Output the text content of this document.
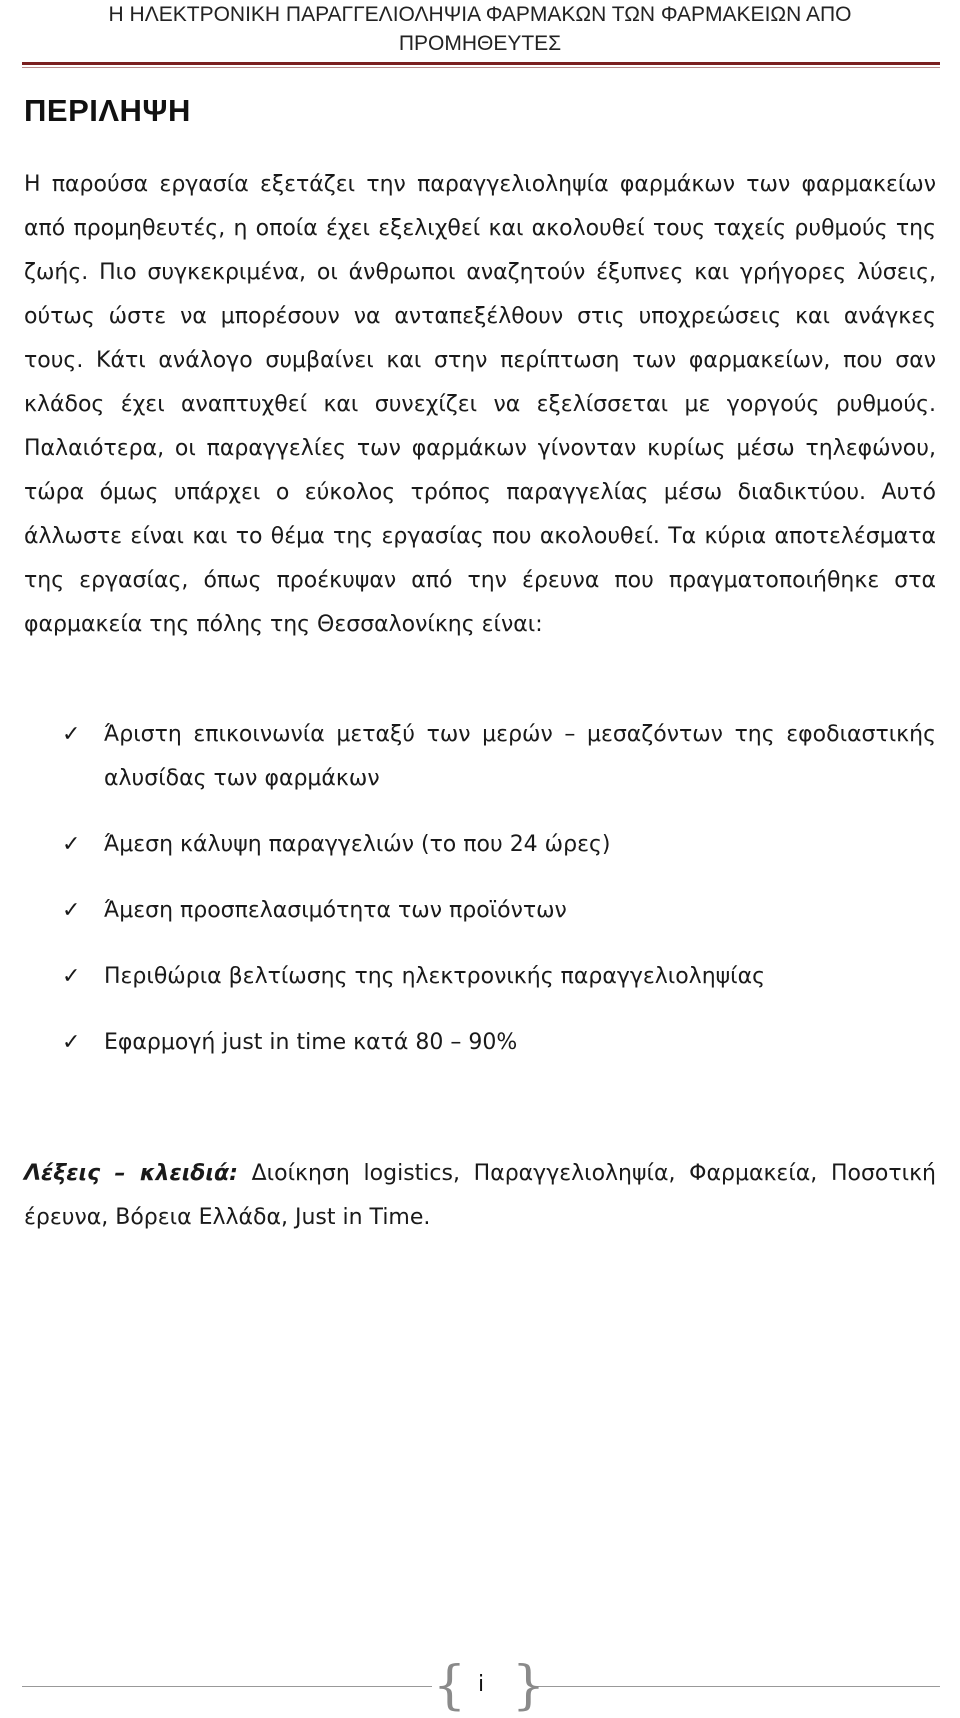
Η ΗΛΕΚΤΡΟΝΙΚΗ ΠΑΡΑΓΓΕΛΙΟΛΗΨΙΑ ΦΑΡΜΑΚΩΝ ΤΩΝ ΦΑΡΜΑΚΕΙΩΝ ΑΠΟ
ΠΡΟΜΗΘΕΥΤΕΣ
ΠΕΡΙΛΗΨΗ
Η παρούσα εργασία εξετάζει την παραγγελιοληψία φαρμάκων των φαρμακείων από προμηθευτές, η οποία έχει εξελιχθεί και ακολουθεί τους ταχείς ρυθμούς της ζωής. Πιο συγκεκριμένα, οι άνθρωποι αναζητούν έξυπνες και γρήγορες λύσεις, ούτως ώστε να μπορέσουν να ανταπεξέλθουν στις υποχρεώσεις και ανάγκες τους. Κάτι ανάλογο συμβαίνει και στην περίπτωση των φαρμακείων, που σαν κλάδος έχει αναπτυχθεί και συνεχίζει να εξελίσσεται με γοργούς ρυθμούς. Παλαιότερα, οι παραγγελίες των φαρμάκων γίνονταν κυρίως μέσω τηλεφώνου, τώρα όμως υπάρχει ο εύκολος τρόπος παραγγελίας μέσω διαδικτύου. Αυτό άλλωστε είναι και το θέμα της εργασίας που ακολουθεί. Τα κύρια αποτελέσματα της εργασίας, όπως προέκυψαν από την έρευνα που πραγματοποιήθηκε στα φαρμακεία της πόλης της Θεσσαλονίκης είναι:
✓ Άριστη επικοινωνία μεταξύ των μερών – μεσαζόντων της εφοδιαστικής αλυσίδας των φαρμάκων
✓ Άμεση κάλυψη παραγγελιών (το που 24 ώρες)
✓ Άμεση προσπελασιμότητα των προϊόντων
✓ Περιθώρια βελτίωσης της ηλεκτρονικής παραγγελιοληψίας
✓ Εφαρμογή just in time κατά 80 – 90%
Λέξεις – κλειδιά: Διοίκηση logistics, Παραγγελιοληψία, Φαρμακεία, Ποσοτική έρευνα, Βόρεια Ελλάδα, Just in Time.
{ i }
